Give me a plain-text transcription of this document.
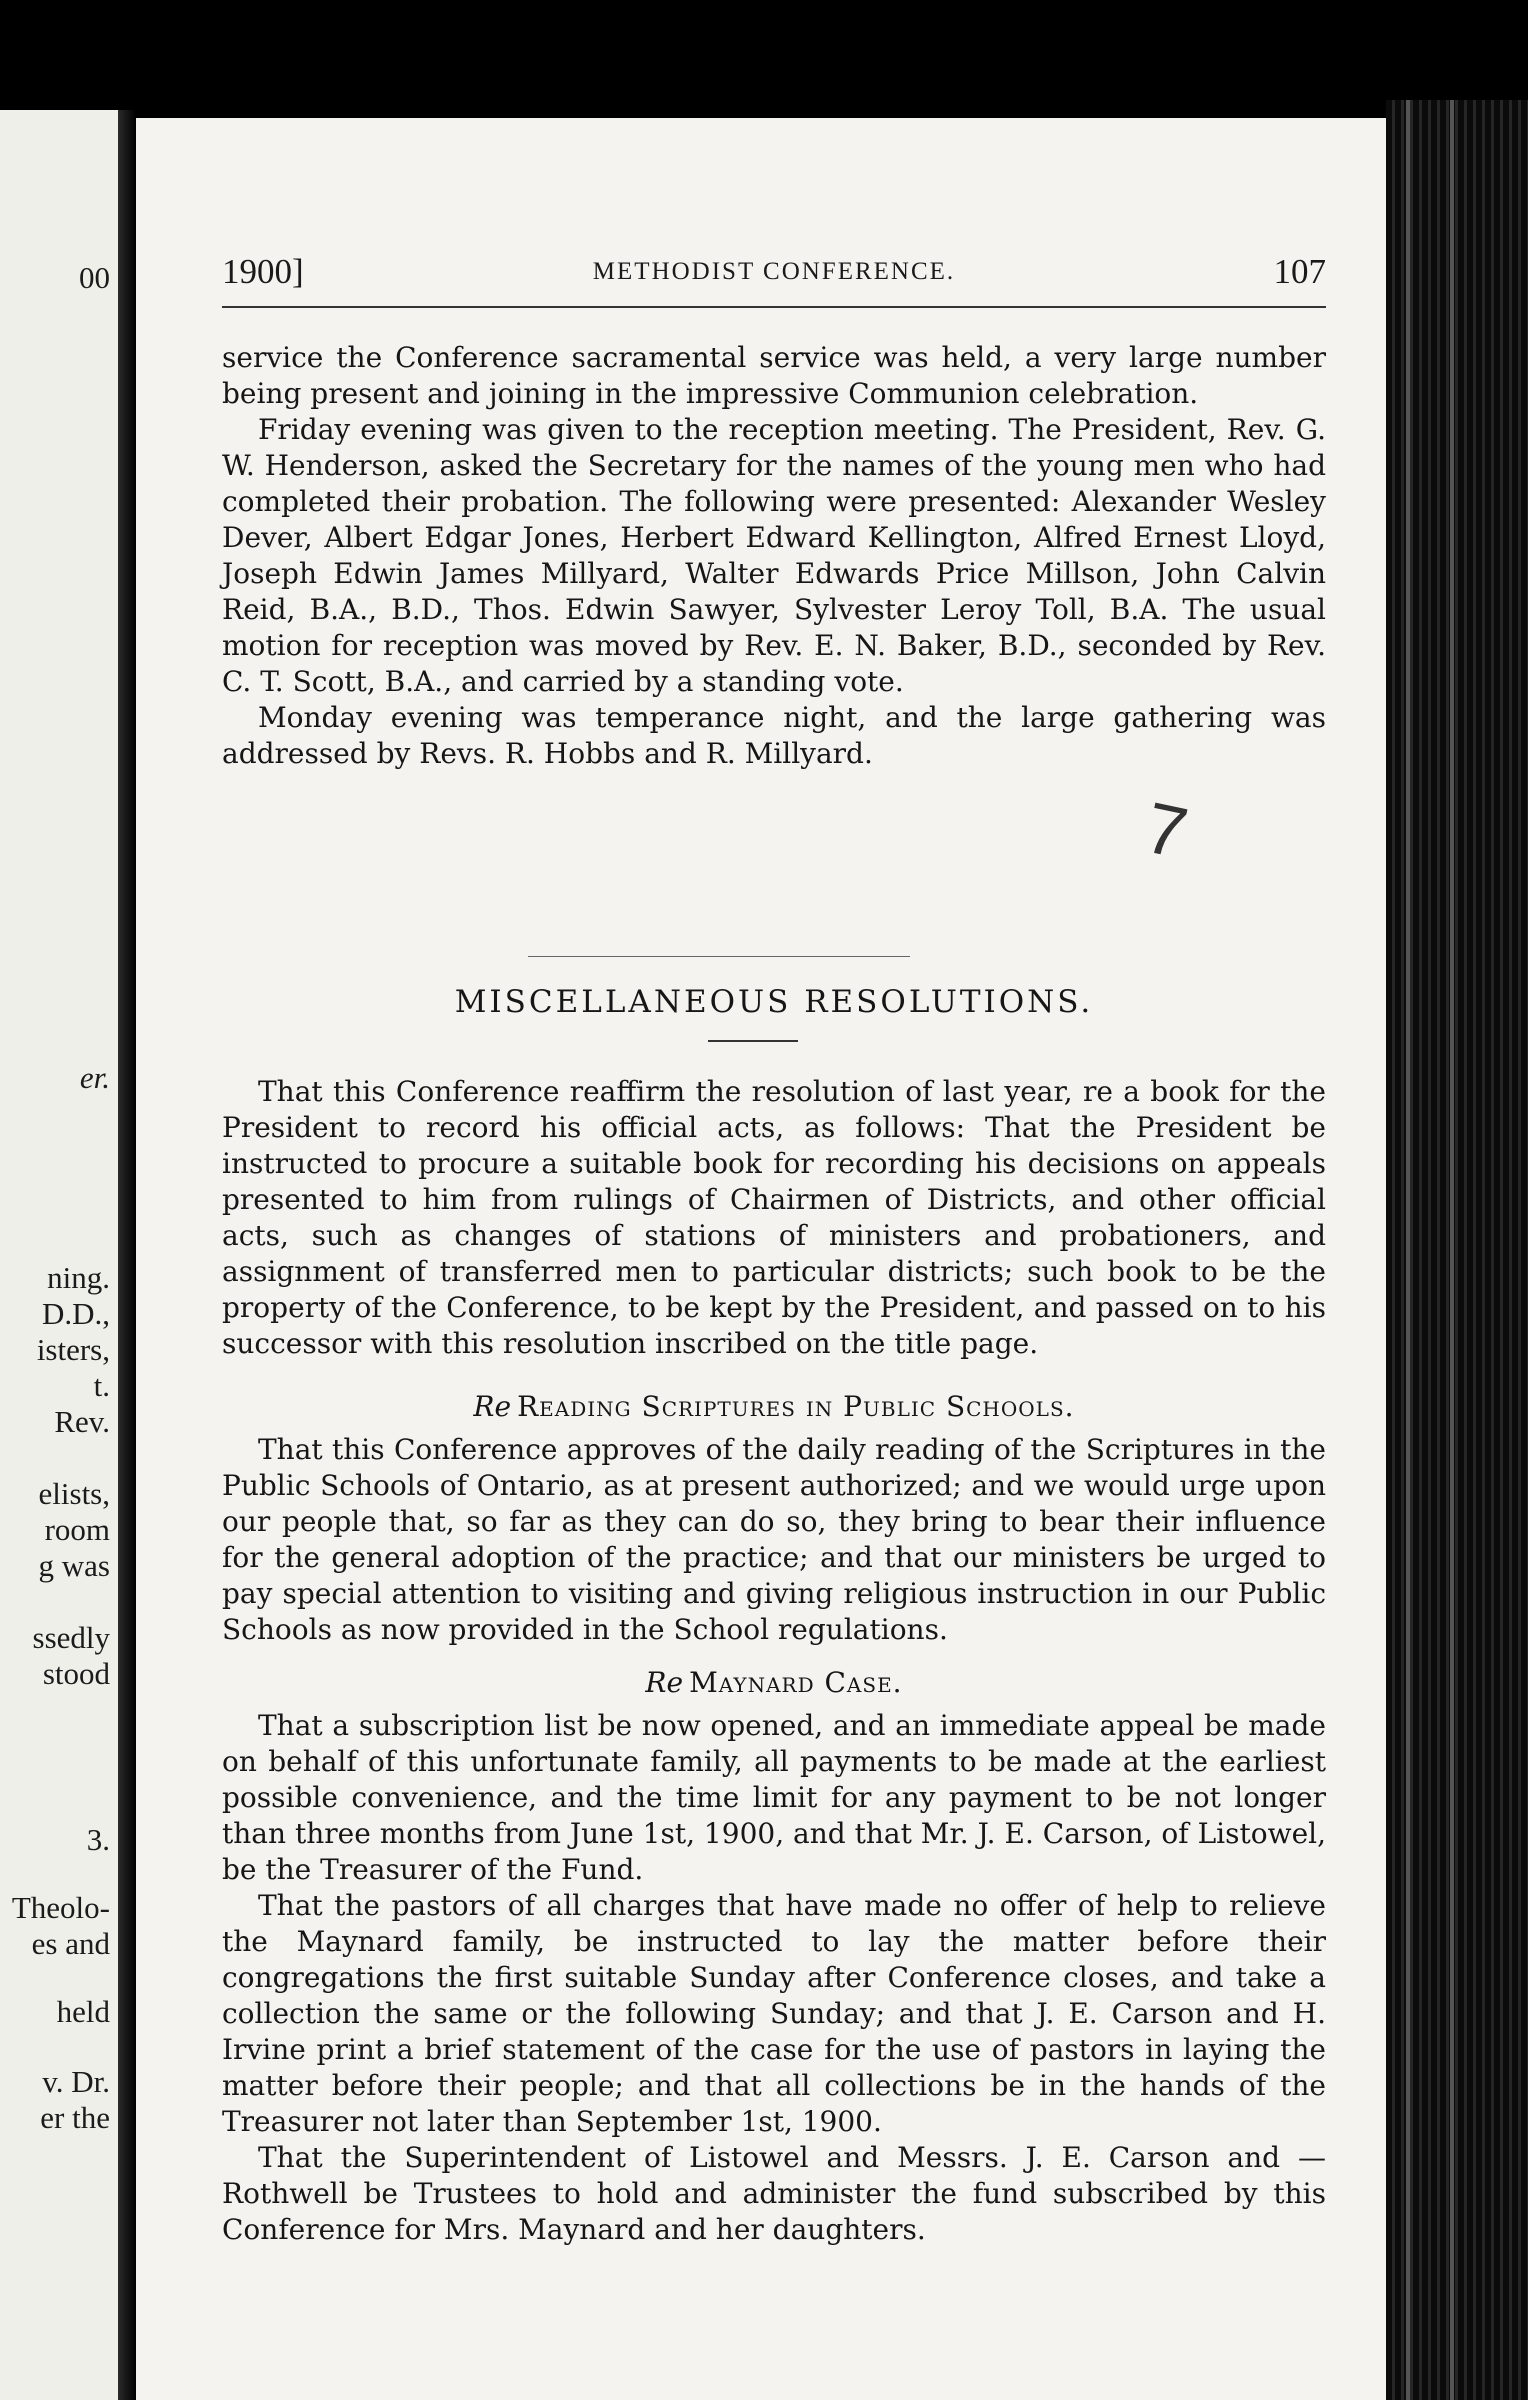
00
er.
ning.
D.D.,
isters,
t.
Rev.
elists,
room
g was
ssedly
stood
3.
Theolo-
es and
held
v. Dr.
er the
1900]	METHODIST CONFERENCE.	107

service the Conference sacramental service was held, a very large number being present and joining in the impressive Communion celebration.

Friday evening was given to the reception meeting. The President, Rev. G. W. Henderson, asked the Secretary for the names of the young men who had completed their probation. The following were presented: Alexander Wesley Dever, Albert Edgar Jones, Herbert Edward Kellington, Alfred Ernest Lloyd, Joseph Edwin James Millyard, Walter Edwards Price Millson, John Calvin Reid, B.A., B.D., Thos. Edwin Sawyer, Sylvester Leroy Toll, B.A. The usual motion for reception was moved by Rev. E. N. Baker, B.D., seconded by Rev. C. T. Scott, B.A., and carried by a standing vote.

Monday evening was temperance night, and the large gathering was addressed by Revs. R. Hobbs and R. Millyard.

7
MISCELLANEOUS RESOLUTIONS.

That this Conference reaffirm the resolution of last year, re a book for the President to record his official acts, as follows: That the President be instructed to procure a suitable book for recording his decisions on appeals presented to him from rulings of Chairmen of Districts, and other official acts, such as changes of stations of ministers and probationers, and assignment of transferred men to particular districts; such book to be the property of the Conference, to be kept by the President, and passed on to his successor with this resolution inscribed on the title page.

Re Reading Scriptures in Public Schools.

That this Conference approves of the daily reading of the Scriptures in the Public Schools of Ontario, as at present authorized; and we would urge upon our people that, so far as they can do so, they bring to bear their influence for the general adoption of the practice; and that our ministers be urged to pay special attention to visiting and giving religious instruction in our Public Schools as now provided in the School regulations.

Re Maynard Case.

That a subscription list be now opened, and an immediate appeal be made on behalf of this unfortunate family, all payments to be made at the earliest possible convenience, and the time limit for any payment to be not longer than three months from June 1st, 1900, and that Mr. J. E. Carson, of Listowel, be the Treasurer of the Fund.

That the pastors of all charges that have made no offer of help to relieve the Maynard family, be instructed to lay the matter before their congregations the first suitable Sunday after Conference closes, and take a collection the same or the following Sunday; and that J. E. Carson and H. Irvine print a brief statement of the case for the use of pastors in laying the matter before their people; and that all collections be in the hands of the Treasurer not later than September 1st, 1900.

That the Superintendent of Listowel and Messrs. J. E. Carson and — Rothwell be Trustees to hold and administer the fund subscribed by this Conference for Mrs. Maynard and her daughters.
